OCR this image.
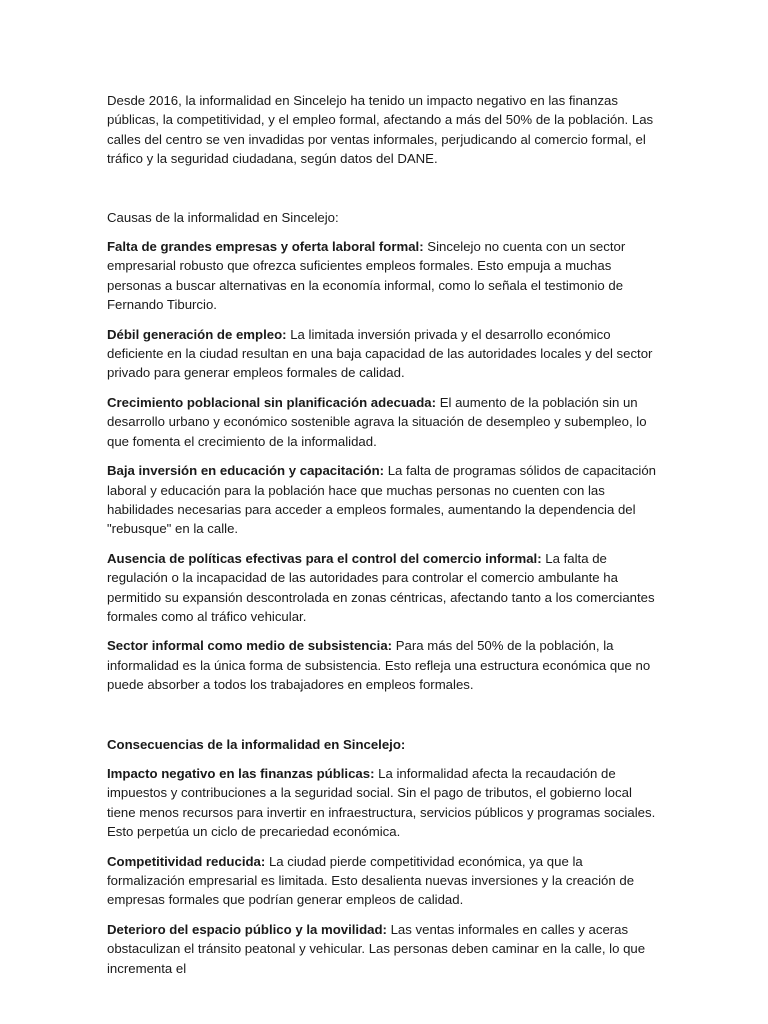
Desde 2016, la informalidad en Sincelejo ha tenido un impacto negativo en las finanzas públicas, la competitividad, y el empleo formal, afectando a más del 50% de la población. Las calles del centro se ven invadidas por ventas informales, perjudicando al comercio formal, el tráfico y la seguridad ciudadana, según datos del DANE.

Causas de la informalidad en Sincelejo:

Falta de grandes empresas y oferta laboral formal: Sincelejo no cuenta con un sector empresarial robusto que ofrezca suficientes empleos formales. Esto empuja a muchas personas a buscar alternativas en la economía informal, como lo señala el testimonio de Fernando Tiburcio.

Débil generación de empleo: La limitada inversión privada y el desarrollo económico deficiente en la ciudad resultan en una baja capacidad de las autoridades locales y del sector privado para generar empleos formales de calidad.

Crecimiento poblacional sin planificación adecuada: El aumento de la población sin un desarrollo urbano y económico sostenible agrava la situación de desempleo y subempleo, lo que fomenta el crecimiento de la informalidad.

Baja inversión en educación y capacitación: La falta de programas sólidos de capacitación laboral y educación para la población hace que muchas personas no cuenten con las habilidades necesarias para acceder a empleos formales, aumentando la dependencia del "rebusque" en la calle.

Ausencia de políticas efectivas para el control del comercio informal: La falta de regulación o la incapacidad de las autoridades para controlar el comercio ambulante ha permitido su expansión descontrolada en zonas céntricas, afectando tanto a los comerciantes formales como al tráfico vehicular.

Sector informal como medio de subsistencia: Para más del 50% de la población, la informalidad es la única forma de subsistencia. Esto refleja una estructura económica que no puede absorber a todos los trabajadores en empleos formales.

Consecuencias de la informalidad en Sincelejo:

Impacto negativo en las finanzas públicas: La informalidad afecta la recaudación de impuestos y contribuciones a la seguridad social. Sin el pago de tributos, el gobierno local tiene menos recursos para invertir en infraestructura, servicios públicos y programas sociales. Esto perpetúa un ciclo de precariedad económica.

Competitividad reducida: La ciudad pierde competitividad económica, ya que la formalización empresarial es limitada. Esto desalienta nuevas inversiones y la creación de empresas formales que podrían generar empleos de calidad.

Deterioro del espacio público y la movilidad: Las ventas informales en calles y aceras obstaculizan el tránsito peatonal y vehicular. Las personas deben caminar en la calle, lo que incrementa el
